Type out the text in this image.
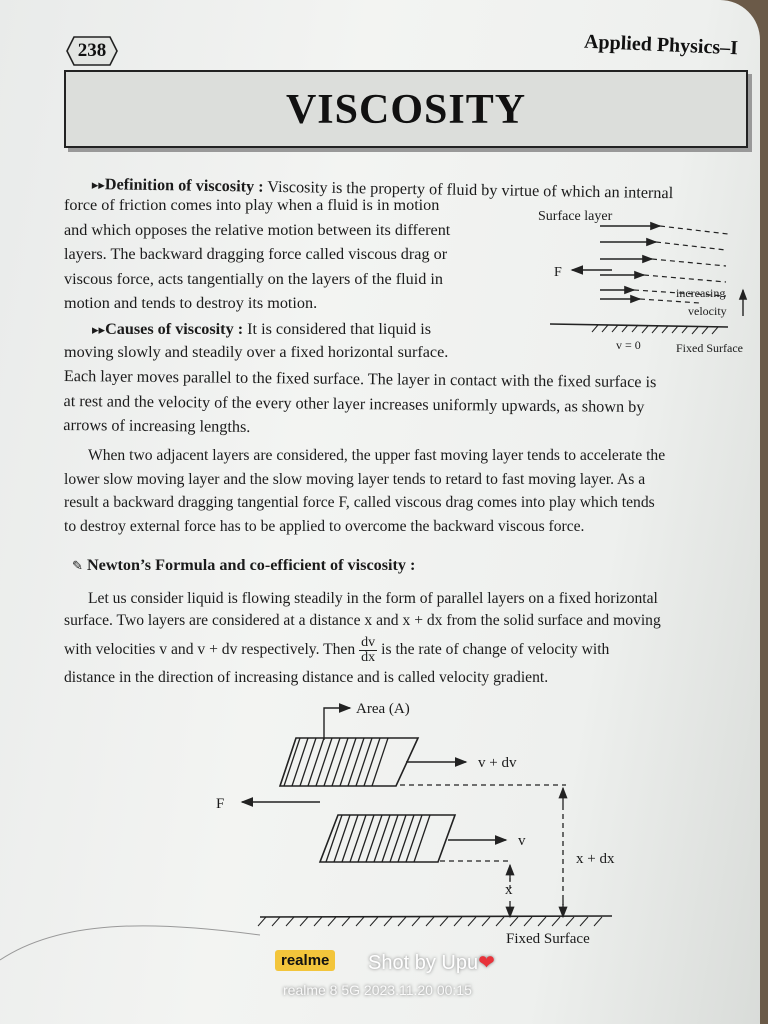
238	Applied Physics–I
VISCOSITY

▸▸Definition of viscosity : Viscosity is the property of fluid by virtue of which an internal

force of friction comes into play when a fluid is in motion
and which opposes the relative motion between its different
layers. The backward dragging force called viscous drag or
viscous force, acts tangentially on the layers of the fluid in
motion and tends to destroy its motion.

▸▸Causes of viscosity : It is considered that liquid is

moving slowly and steadily over a fixed horizontal surface.

Each layer moves parallel to the fixed surface. The layer in contact with the fixed surface is
at rest and the velocity of the every other layer increases uniformly upwards, as shown by
arrows of increasing lengths.

When two adjacent layers are considered, the upper fast moving layer tends to accelerate the
lower slow moving layer and the slow moving layer tends to retard to fast moving layer. As a
result a backward dragging tangential force F, called viscous drag comes into play which tends
to destroy external force has to be applied to overcome the backward viscous force.

✎ Newton’s Formula and co-efficient of viscosity :

Let us consider liquid is flowing steadily in the form of parallel layers on a fixed horizontal

surface. Two layers are considered at a distance x and x + dx from the solid surface and moving

with velocities v and v + dv respectively. Then $\frac{dv}{dx}$ is the rate of change of velocity with

distance in the direction of increasing distance and is called velocity gradient.

Surface layer
F
increasing
velocity
v = 0	Fixed Surface
Area (A)
v + dv
F
v
x
x + dx
Fixed Surface
realme	Shot by Upu❤
realme 8 5G 2023.11.20 00:15
